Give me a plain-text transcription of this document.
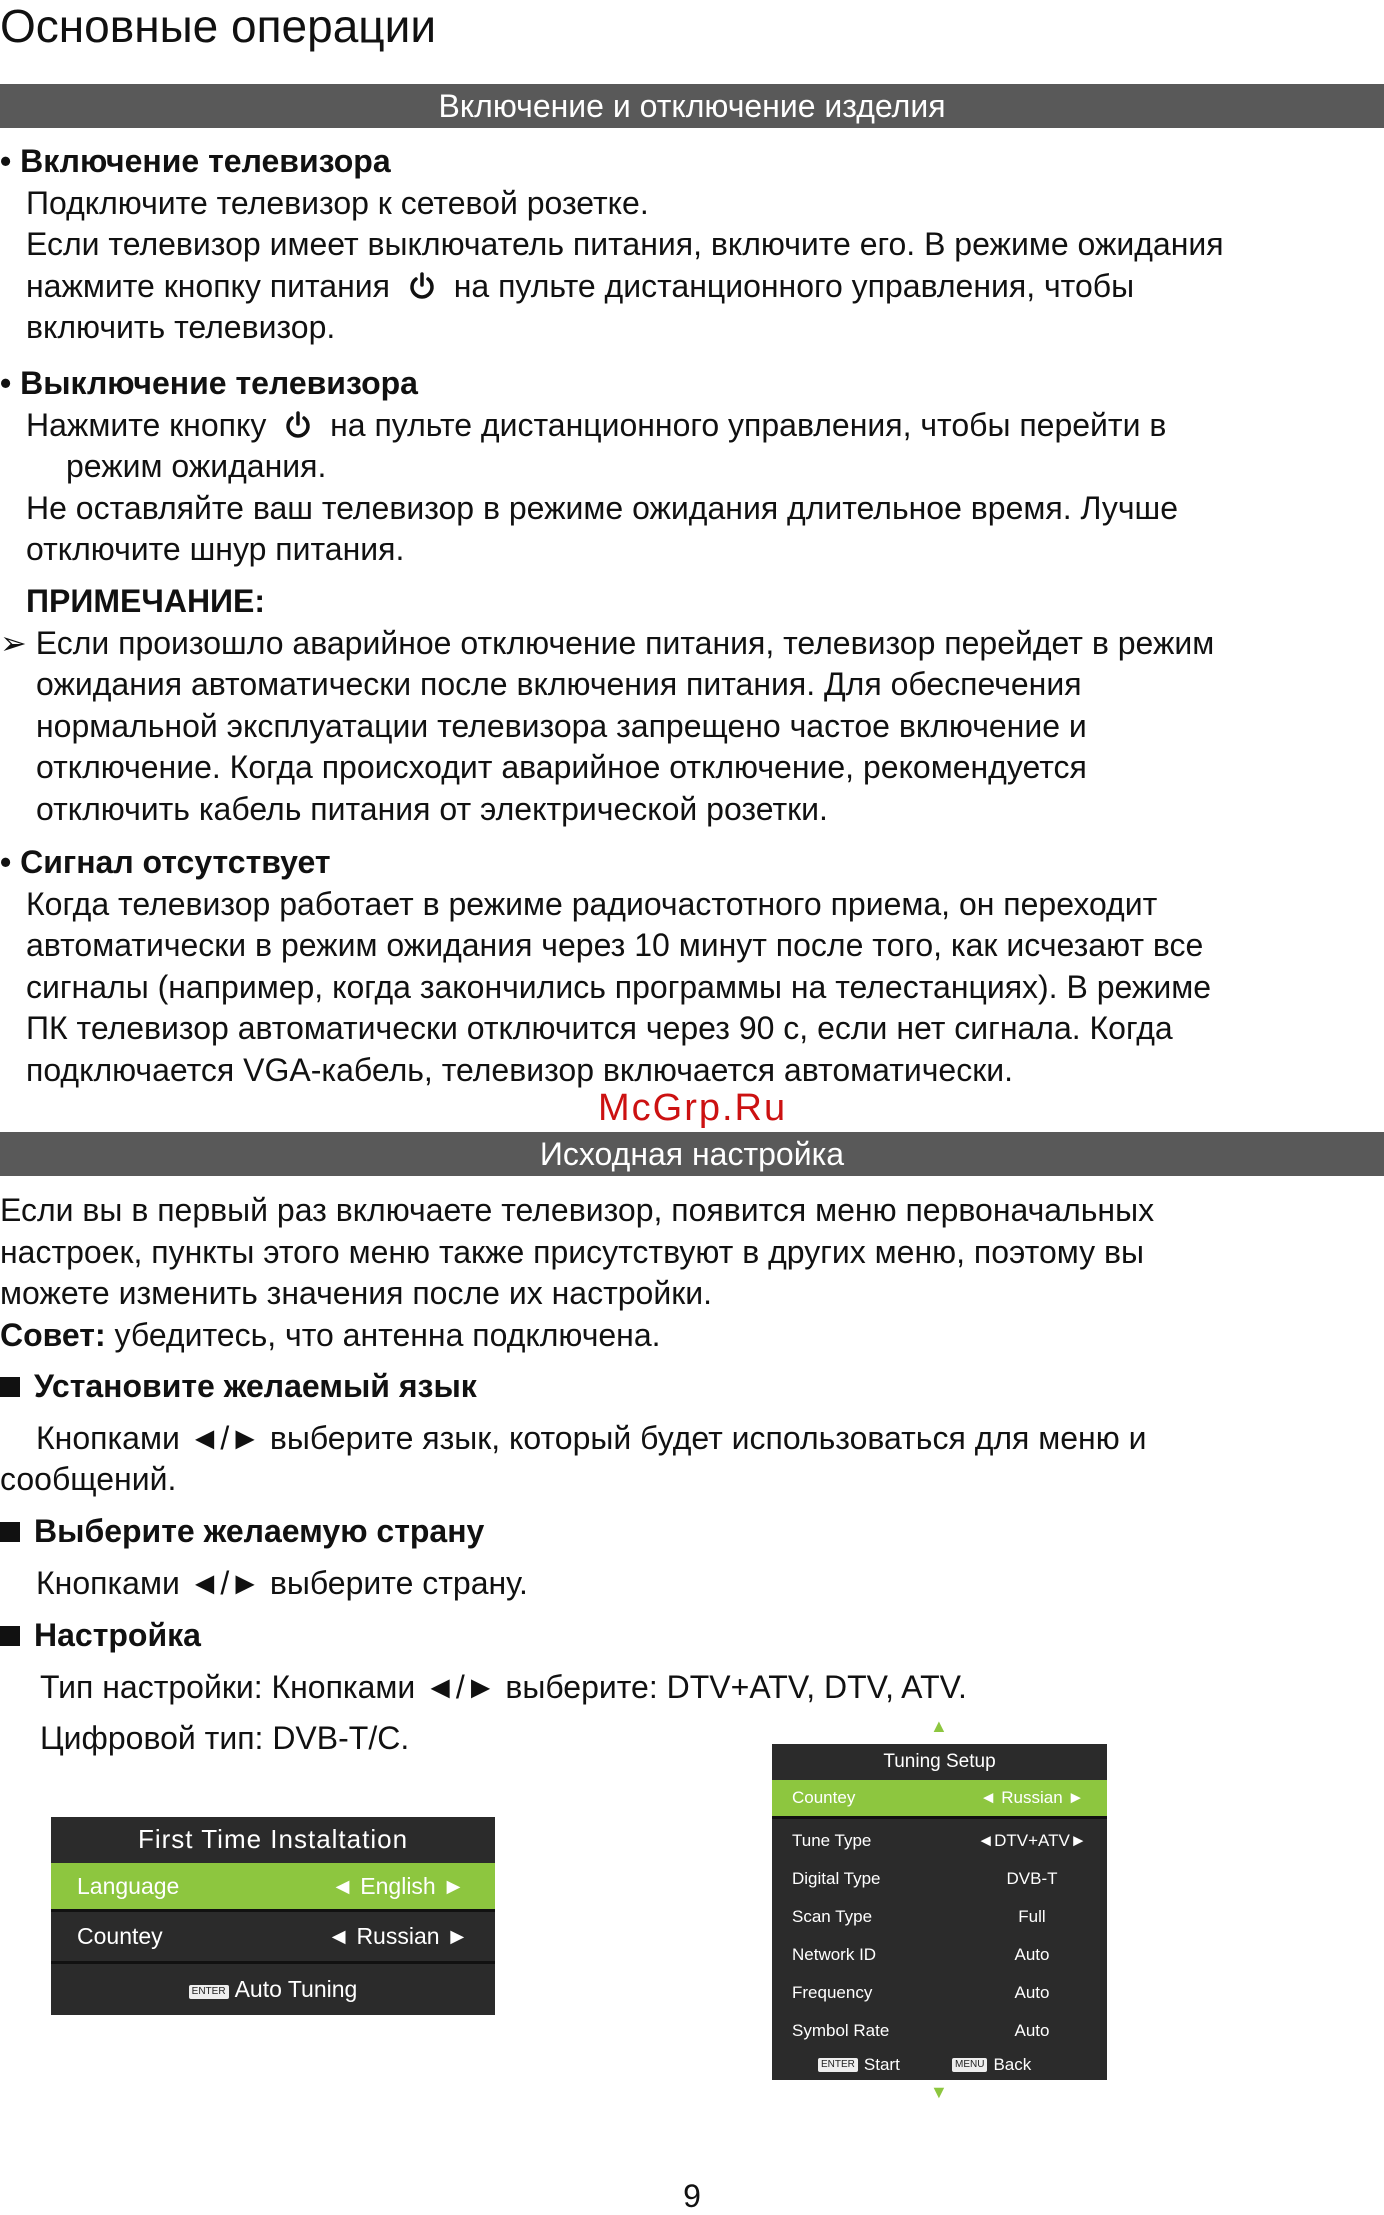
Основные операции
Включение и отключение изделия
• Включение телевизора
Подключите телевизор к сетевой розетке.
Если телевизор имеет выключатель питания, включите его. В режиме ожидания
нажмите кнопку питания на пульте дистанционного управления, чтобы
включить телевизор.
• Выключение телевизора
Нажмите кнопку на пульте дистанционного управления, чтобы перейти в
режим ожидания.
Не оставляйте ваш телевизор в режиме ожидания длительное время. Лучше
отключите шнур питания.
ПРИМЕЧАНИЕ:
➢ Если произошло аварийное отключение питания, телевизор перейдет в режим
ожидания автоматически после включения питания. Для обеспечения
нормальной эксплуатации телевизора запрещено частое включение и
отключение. Когда происходит аварийное отключение, рекомендуется
отключить кабель питания от электрической розетки.
• Сигнал отсутствует
Когда телевизор работает в режиме радиочастотного приема, он переходит
автоматически в режим ожидания через 10 минут после того, как исчезают все
сигналы (например, когда закончились программы на телестанциях). В режиме
ПК телевизор автоматически отключится через 90 с, если нет сигнала. Когда
подключается VGA-кабель, телевизор включается автоматически.
McGrp.Ru
Исходная настройка
Если вы в первый раз включаете телевизор, появится меню первоначальных
настроек, пункты этого меню также присутствуют в других меню, поэтому вы
можете изменить значения после их настройки.
Совет: убедитесь, что антенна подключена.
Установите желаемый язык
Кнопками ◄/► выберите язык, который будет использоваться для меню и
сообщений.
Выберите желаемую страну
Кнопками ◄/► выберите страну.
Настройка
Тип настройки: Кнопками ◄/► выберите: DTV+ATV, DTV, ATV.
Цифровой тип: DVB-T/C.
First Time Instaltation
Language	◄ English ►
Countey	◄ Russian ►
ENTER Auto Tuning
▲
Tuning Setup
Countey	◄ Russian ►
Tune Type	◄DTV+ATV►
Digital Type	DVB-T
Scan Type	Full
Network ID	Auto
Frequency	Auto
Symbol Rate	Auto
ENTER Start	MENU Back
▼
9
